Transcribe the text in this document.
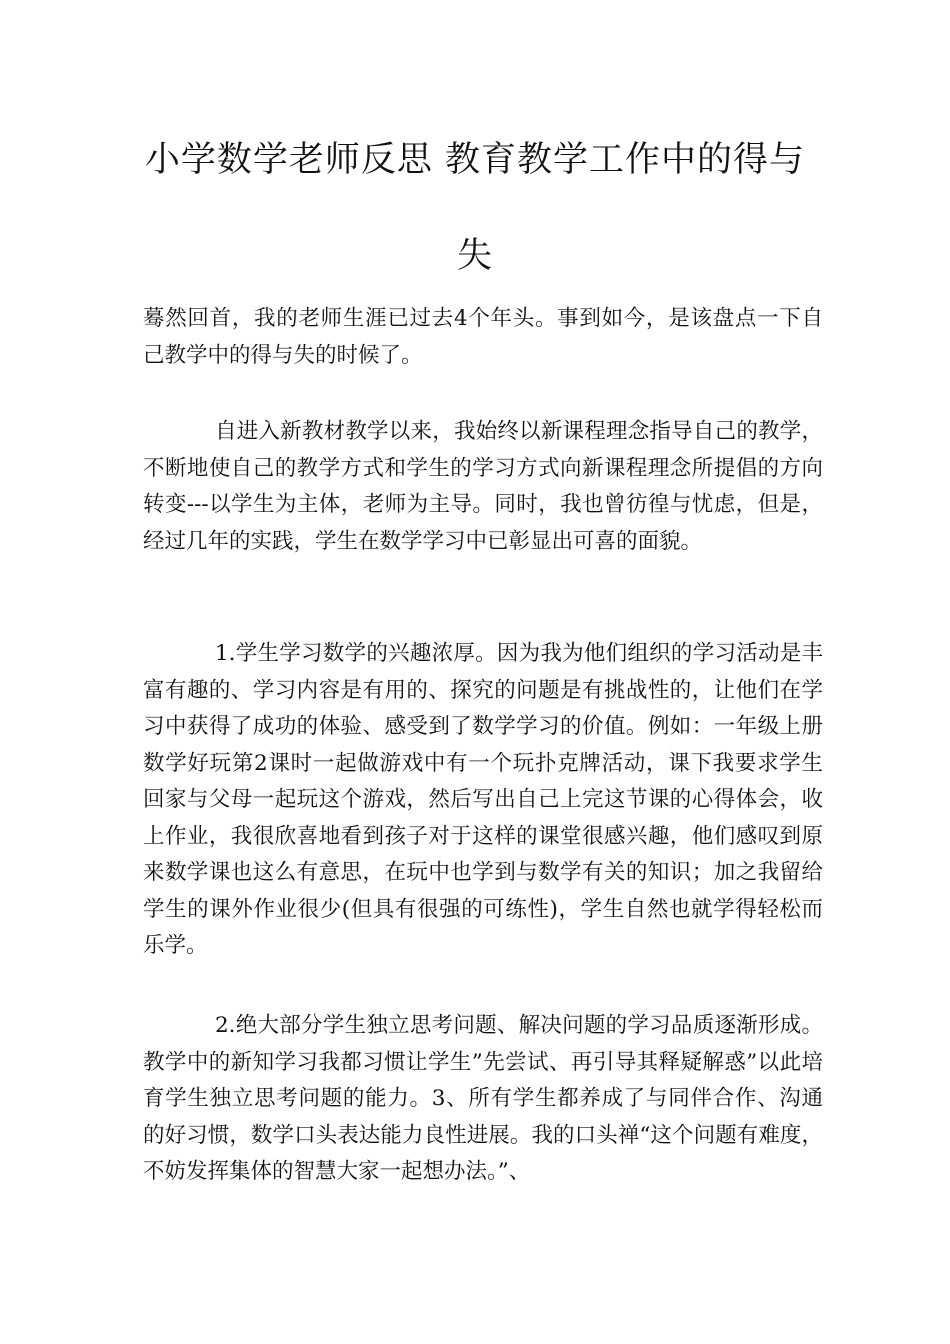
小学数学老师反思 教育教学工作中的得与
失

蓦然回首，我的老师生涯已过去4个年头。事到如今，是该盘点一下自己教学中的得与失的时候了。

自进入新教材教学以来，我始终以新课程理念指导自己的教学，不断地使自己的教学方式和学生的学习方式向新课程理念所提倡的方向转变---以学生为主体，老师为主导。同时，我也曾彷徨与忧虑，但是，经过几年的实践，学生在数学学习中已彰显出可喜的面貌。

1.学生学习数学的兴趣浓厚。因为我为他们组织的学习活动是丰富有趣的、学习内容是有用的、探究的问题是有挑战性的，让他们在学习中获得了成功的体验、感受到了数学学习的价值。例如：一年级上册数学好玩第2课时一起做游戏中有一个玩扑克牌活动，课下我要求学生回家与父母一起玩这个游戏，然后写出自己上完这节课的心得体会，收上作业，我很欣喜地看到孩子对于这样的课堂很感兴趣，他们感叹到原来数学课也这么有意思，在玩中也学到与数学有关的知识；加之我留给学生的课外作业很少(但具有很强的可练性)，学生自然也就学得轻松而乐学。

2.绝大部分学生独立思考问题、解决问题的学习品质逐渐形成。教学中的新知学习我都习惯让学生”先尝试、再引导其释疑解惑”以此培育学生独立思考问题的能力。3、所有学生都养成了与同伴合作、沟通的好习惯，数学口头表达能力良性进展。我的口头禅“这个问题有难度，不妨发挥集体的智慧大家一起想办法。”、
